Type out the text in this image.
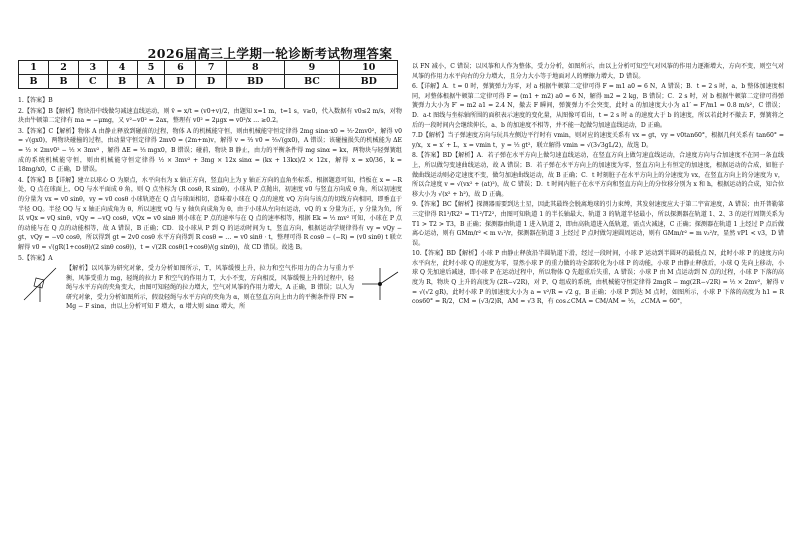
2026届高三上学期一轮诊断考试物理答案
1	2	3	4	5	6	7	8	9	10
B	B	C	B	A	D	D	BD	BC	BD

1.【答案】B

2.【答案】B【解析】物块沿中线做匀减速直线运动，则 v̄ = x/t = (v0+v)/2，由题知 x=1 m，t=1 s，v≥0，代入数据有 v0≤2 m/s，对物块由牛顿第二定律有 ma = −μmg，又 v²−v0² = 2ax，整理有 v0² = 2μgx ⇒ v0²/x … ≥0.2。

3.【答案】C【解析】物体 A 由静止释放到碰前的过程，物体 A 的机械能守恒，则由机械能守恒定律得 2mg sinα·x0 = ½·2mv0²，解得 v0 = √(gx0)，两物块碰撞的过程，由动量守恒定律得 2mv0 = (2m+m)v，解得 v = ⅔ v0 = ⅔√(gx0)，A 错误；该碰撞损失的机械能为 ΔE = ½ × 2mv0² − ½ × 3mv² ，解得 ΔE = ⅓ mgx0，B 错误；碰前，物块 B 静止，由力的平衡条件得 mg sinα = kx，两物块与轻弹簧组成的系统机械能守恒，则由机械能守恒定律得 ½ × 3mv² + 3mg × 12x sinα = (kx + 13kx)/2 × 12x，解得 x = x0/36，k = 18mg/x0，C 正确，D 错误。

4.【答案】B【详解】建立以球心 O 为原点，水平向右为 x 轴正方向，竖直向上为 y 轴正方向的直角坐标系，根据题意可知，挡板在 x = −R 处，Q 点在球面上，OQ 与水平面成 θ 角，则 Q 点坐标为 (R cosθ, R sinθ)，小球从 P 点抛出，初速度 v0 与竖直方向成 θ 角，所以初速度的分量为 vx = v0 sinθ，vy = v0 cosθ 小球轨迹在 Q 点与球面相切，意味着小球在 Q 点的速度 vQ 方向与该点的切线方向相同，即垂直于半径 OQ。半径 OQ 与 x 轴正向成角为 θ，所以速度 vQ 与 y 轴负向成角为 θ，由于小球从左向右运动，vQ 的 x 分量为正，y 分量为负，所以 vQx = vQ sinθ，vQy = −vQ cosθ，vQx = v0 sinθ 则小球在 P 点的速率与在 Q 点的速率相等，根据 Ek = ½ mv² 可知，小球在 P 点的动能与在 Q 点的动能相等，故 A 错误，B 正确；CD．设小球从 P 到 Q 的运动时间为 t，竖直方向，根据运动学规律得有 vy = vQy − gt，vQy = −v0 cosθ，所以得到 gt = 2v0 cosθ 水平方向得到 R cosθ = … = v0 sinθ ⋅ t，整理可得 R cosθ − (−R) = (v0 sinθ) t 联立解得 v0 = √(gR(1+cosθ)/(2 sinθ cosθ))，t = √(2R cosθ(1+cosθ)/(g sinθ))，故 CD 错误。故选 B。

5.【答案】A

【解析】以风筝为研究对象，受力分析如图所示，T，风筝缓慢上升，拉力和空气作用力的合力与重力平衡，风筝受重力 mg，轻绳的拉力 F 和空气的作用力 T，大小不变，方向相反，风筝缓慢上升的过程中，轻绳与水平方向的夹角变大，由图可知轻绳的拉力增大，空气对风筝的作用力增大，A 正确，B 错误；以人为研究对象，受力分析如图所示，假设轻绳与水平方向的夹角为 α，则在竖直方向上由力的平衡条件得 FN = Mg − F sinα，由以上分析可知 F 增大，α 增大则 sinα 增大，所

以 FN 减小，C 错误；以风筝和人作为整体，受力分析，如图所示，由以上分析可知空气对风筝的作用力逐渐增大，方向不变，则空气对风筝的作用力水平向右的分力增大，且分力大小等于地面对人的摩擦力增大，D 错误。

6.【详解】A．t = 0 时，弹簧弹力为零，对 a 根据牛顿第二定律可得 F = m1 a0 = 6 N，A 错误；B．t = 2 s 时，a、b 整体加速度相同，对整体根据牛顿第二定律可得 F = (m1 + m2) a0 = 6 N，解得 m2 = 2 kg，B 错误；C．2 s 时，对 b 根据牛顿第二定律可得弹簧弹力大小为 F′ = m2 a1 = 2.4 N，撤去 F 瞬间，弹簧弹力不会突变，此时 a 的加速度大小为 a1′ = F′/m1 = 0.8 m/s²，C 错误；D．a-t 图线与坐标轴所围的面积表示速度的变化量，从图像可看出，t = 2 s 时 a 的速度大于 b 的速度，所以若此时不撤去 F，弹簧将之后的一段时间内会继续伸长，a、b 的加速度不相等，并不能一起做匀加速直线运动，D 正确。

7.D【解析】当子弹速度方向与玩具左侧边平行时有 vmin，则对应的速度关系有 vx = gt，vy = v0tan60°，根据几何关系有 tan60° = y/x，x = x′ + L，x = vmin t，y = ½ gt²，联立解得 vmin = √(3√3gL/2)，故选 D。

8.【答案】BD【解析】A．若子弹在水平方向上做匀速直线运动，在竖直方向上做匀速直线运动，合速度方向与合加速度不在同一条直线上，所以做匀变速曲线运动，故 A 错误；B．若子弹在水平方向上的加速度为零，竖直方向上有恒定的加速度，根据运动的合成，如脏子做曲线运动则必定速度不变，做匀加速曲线运动，故 B 正确；C．t 时刻脏子在水平方向上的分速度为 vx，在竖直方向上的分速度为 v，所以合速度 v = √(vx² + (at)²)，故 C 错误；D．t 时间内脏子在水平方向和竖直方向上的分位移分别为 x 和 h，根据运动的合成，知合位移大小为 √(x² + h²)，故 D 正确。

9.【答案】BC【解析】探测器需要到达土星，因此其最终会脱离地球的引力束缚，其发射速度应大于第二宇宙速度，A 错误；由开普勒第三定律得 R1³/R2³ = T1²/T2²，由图可知轨道 1 的半长轴最大、轨道 3 的轨道半径最小，所以探测器在轨道 1、2、3 的运行周期关系为 T1 > T2 > T3，B 正确；探测器由轨道 1 进入轨道 2，即由高轨道进入低轨道，需点火减速，C 正确；探测器在轨道 1 上经过 P 点后做离心运动，则有 GMm/r² < m v₁²/r，探测器在轨道 3 上经过 P 点时做匀速圆周运动，则有 GMm/r² = m v₃²/r，显然 vP1 < v3，D 错误。

10.【答案】BD【解析】小球 P 由静止释放沿半圆轨道下滑，经过一段时间，小球 P 运动到半圆环的最低点 N，此时小球 P 的速度方向水平向左，此时小球 Q 的速度为零，显然小球 P 的重力做的功全部转化为小球 P 的动能，小球 P 由静止释放后，小球 Q 先向上移动，小球 Q 先加速后减速，即小球 P 在运动过程中，所以物体 Q 先超重后失重，A 错误；小球 P 由 M 点运动到 N 点的过程，小球 P 下落的高度为 R，物块 Q 上升的高度为 (2R−√2R)，对 P、Q 组成的系统，由机械能守恒定律得 2mgR − mg(2R−√2R) = ½ × 2mv²，解得 v = √(√2 gR)，此时小球 P 的加速度大小为 a = v²/R = √2 g，B 正确；小球 P 到达 M 点时，如图所示，小球 P 下落的高度为 h1 = R cos60° = R/2，CM = (√3/2)R，AM = √3 R，有 cos∠CMA = CM/AM = ½，∠CMA = 60°，
